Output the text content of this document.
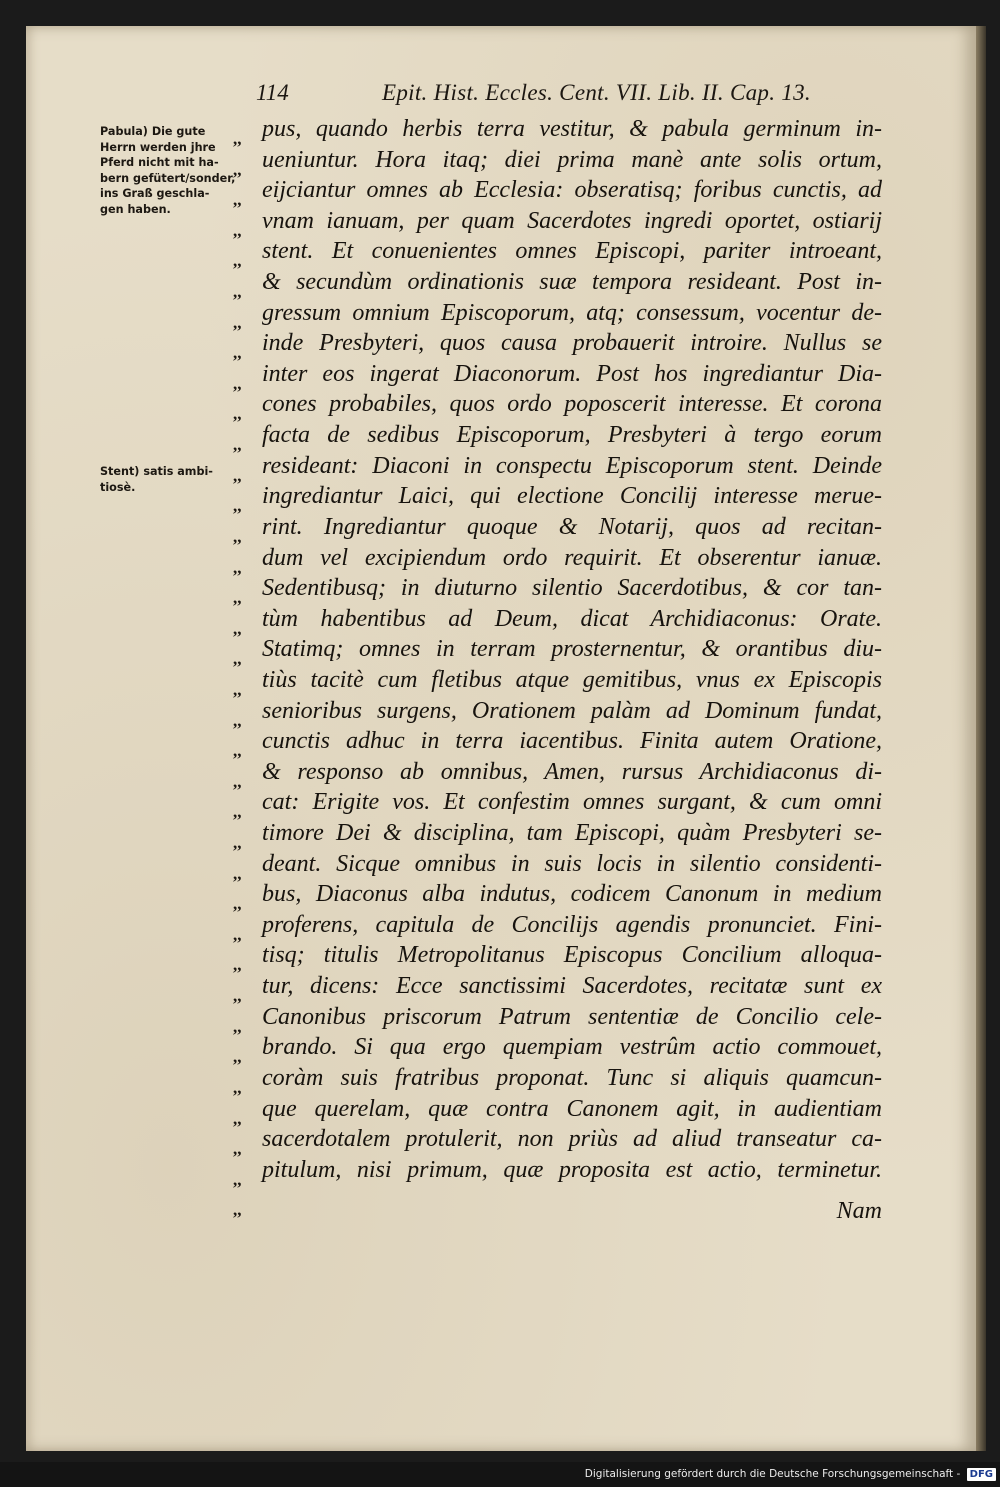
114	Epit. Hist. Eccles. Cent. VII. Lib. II. Cap. 13.
Pabula) Die gute
Herrn werden jhre
Pferd nicht mit ha-
bern gefütert/sonder,
ins Graß geschla-
gen haben.
Stent) satis ambi-
tiosè.
,,
,,
,,
,,
,,
,,
,,
,,
,,
,,
,,
,,
,,
,,
,,
,,
,,
,,
,,
,,
,,
,,
,,
,,
,,
,,
,,
,,
,,
,,
,,
,,
,,
,,
,,
,,
pus, quando herbis terra vestitur, & pabula germinum in-
ueniuntur. Hora itaq; diei prima manè ante solis ortum,
eijciantur omnes ab Ecclesia: obseratisq; foribus cunctis, ad
vnam ianuam, per quam Sacerdotes ingredi oportet, ostiarij
stent. Et conuenientes omnes Episcopi, pariter introeant,
& secundùm ordinationis suæ tempora resideant. Post in-
gressum omnium Episcoporum, atq; consessum, vocentur de-
inde Presbyteri, quos causa probauerit introire. Nullus se
inter eos ingerat Diaconorum. Post hos ingrediantur Dia-
cones probabiles, quos ordo poposcerit interesse. Et corona
facta de sedibus Episcoporum, Presbyteri à tergo eorum
resideant: Diaconi in conspectu Episcoporum stent. Deinde
ingrediantur Laici, qui electione Concilij interesse merue-
rint. Ingrediantur quoque & Notarij, quos ad recitan-
dum vel excipiendum ordo requirit. Et obserentur ianuæ.
Sedentibusq; in diuturno silentio Sacerdotibus, & cor tan-
tùm habentibus ad Deum, dicat Archidiaconus: Orate.
Statimq; omnes in terram prosternentur, & orantibus diu-
tiùs tacitè cum fletibus atque gemitibus, vnus ex Episcopis
senioribus surgens, Orationem palàm ad Dominum fundat,
cunctis adhuc in terra iacentibus. Finita autem Oratione,
& responso ab omnibus, Amen, rursus Archidiaconus di-
cat: Erigite vos. Et confestim omnes surgant, & cum omni
timore Dei & disciplina, tam Episcopi, quàm Presbyteri se-
deant. Sicque omnibus in suis locis in silentio considenti-
bus, Diaconus alba indutus, codicem Canonum in medium
proferens, capitula de Concilijs agendis pronunciet. Fini-
tisq; titulis Metropolitanus Episcopus Concilium alloqua-
tur, dicens: Ecce sanctissimi Sacerdotes, recitatæ sunt ex
Canonibus priscorum Patrum sententiæ de Concilio cele-
brando. Si qua ergo quempiam vestrûm actio commouet,
coràm suis fratribus proponat. Tunc si aliquis quamcun-
que querelam, quæ contra Canonem agit, in audientiam
sacerdotalem protulerit, non priùs ad aliud transeatur ca-
pitulum, nisi primum, quæ proposita est actio, terminetur.
Nam
Digitalisierung gefördert durch die Deutsche Forschungsgemeinschaft - DFG
